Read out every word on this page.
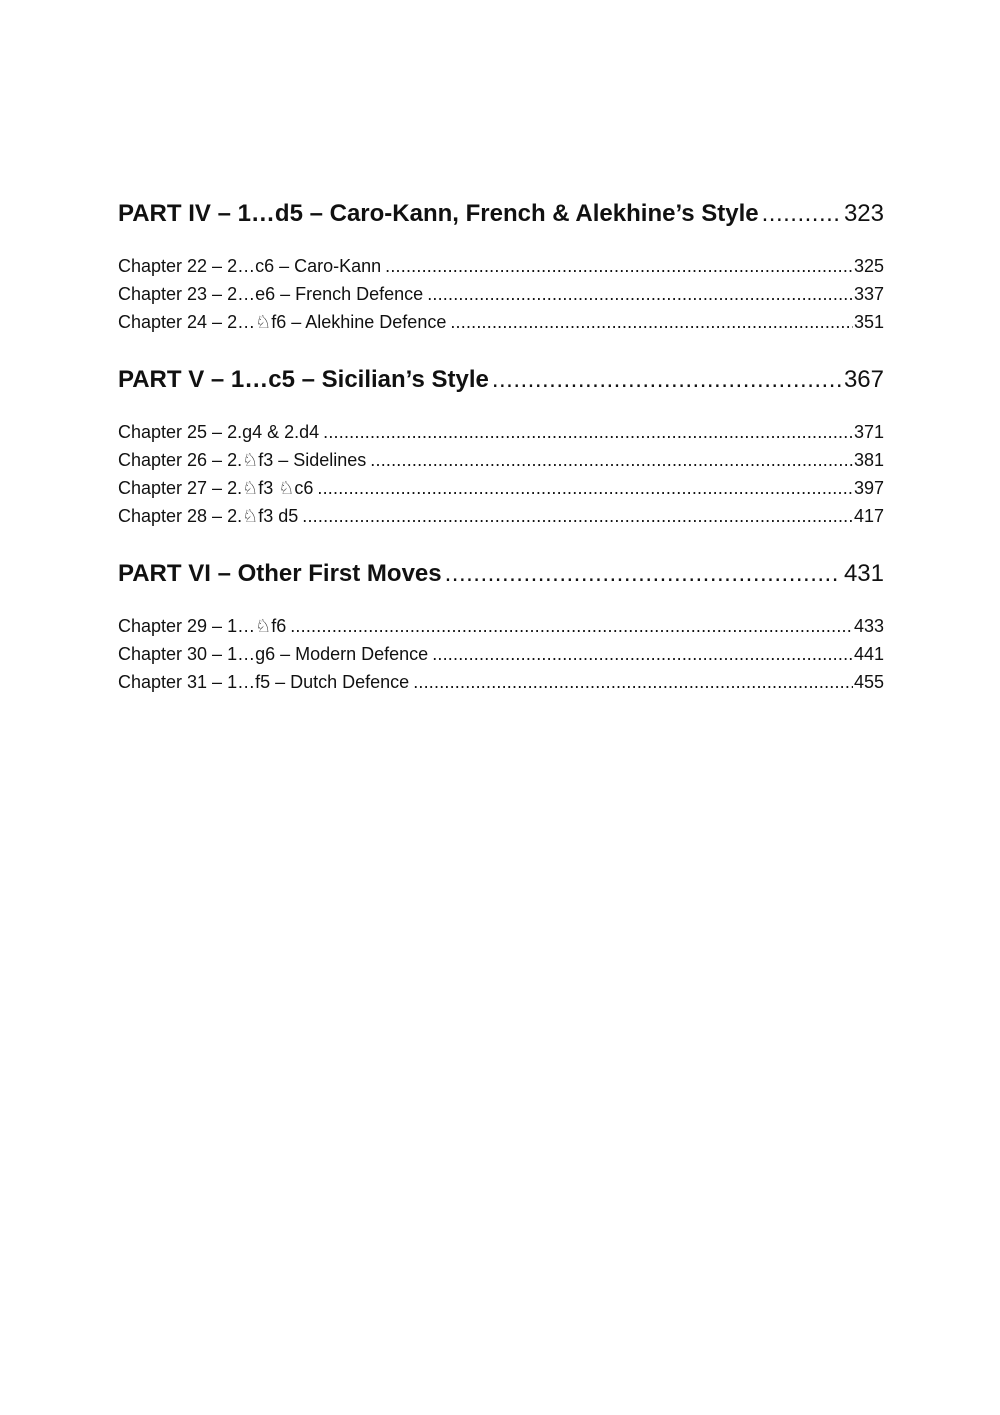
PART IV – 1…d5 – Caro-Kann, French & Alekhine’s Style .....	323
Chapter 22 – 2…c6 – Caro-Kann .....	325
Chapter 23 – 2…e6 – French Defence .....	337
Chapter 24 – 2…♘f6 – Alekhine Defence .....	351
PART V – 1…c5 – Sicilian’s Style .....	367
Chapter 25 – 2.g4 & 2.d4 .....	371
Chapter 26 – 2.♘f3 – Sidelines .....	381
Chapter 27 – 2.♘f3 ♘c6 .....	397
Chapter 28 – 2.♘f3 d5 .....	417
PART VI – Other First Moves .....	431
Chapter 29 – 1…♘f6 .....	433
Chapter 30 – 1…g6 – Modern Defence .....	441
Chapter 31 – 1…f5 – Dutch Defence .....	455
